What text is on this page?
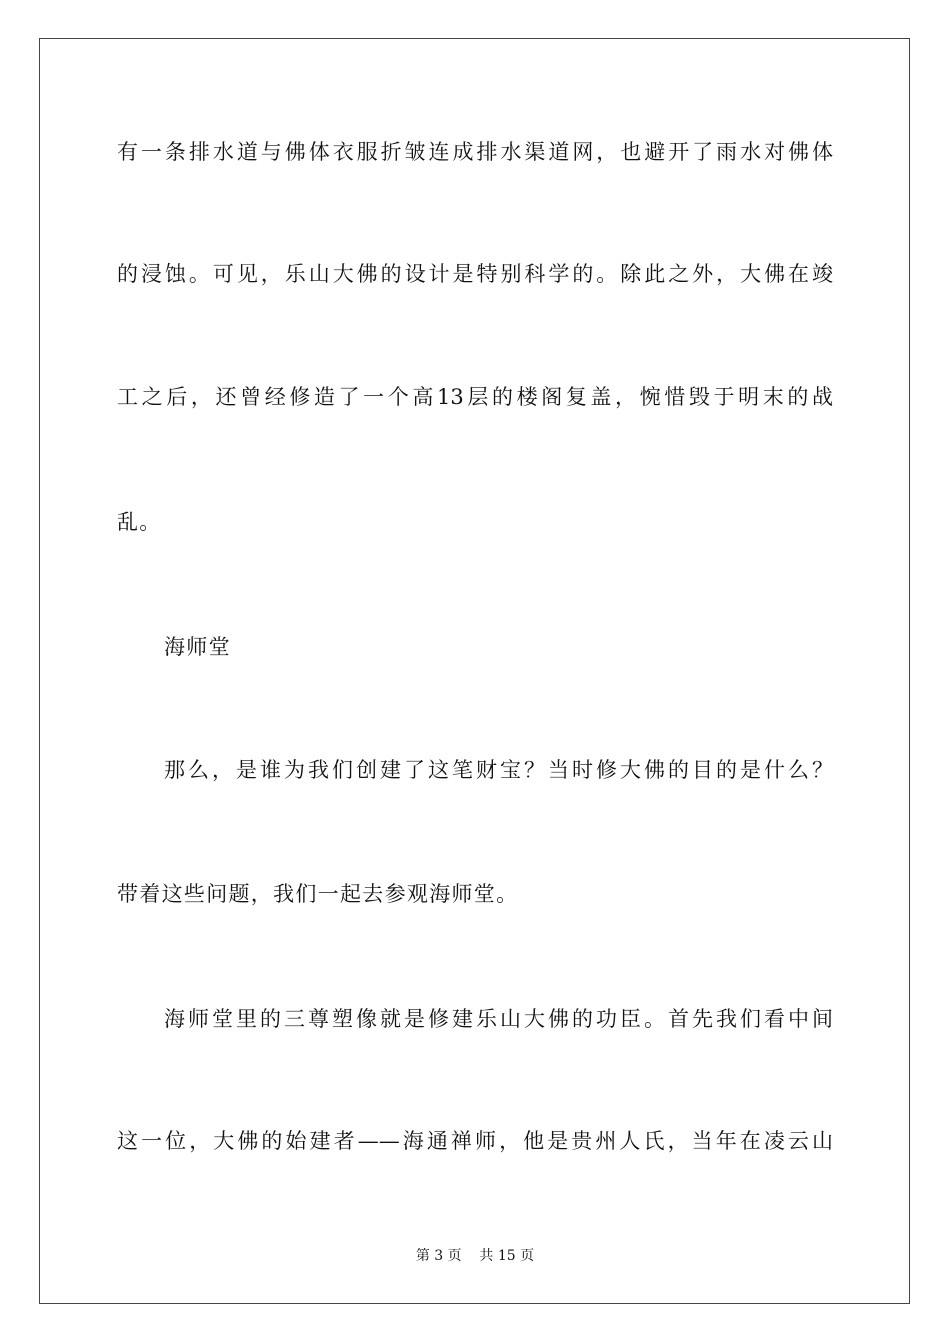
有一条排水道与佛体衣服折皱连成排水渠道网，也避开了雨水对佛体
的浸蚀。可见，乐山大佛的设计是特别科学的。除此之外，大佛在竣
工之后，还曾经修造了一个高13层的楼阁复盖，惋惜毁于明末的战
乱。
海师堂
那么，是谁为我们创建了这笔财宝？当时修大佛的目的是什么？
带着这些问题，我们一起去参观海师堂。
海师堂里的三尊塑像就是修建乐山大佛的功臣。首先我们看中间
这一位，大佛的始建者——海通禅师，他是贵州人氏，当年在凌云山
第 3 页    共 15 页
